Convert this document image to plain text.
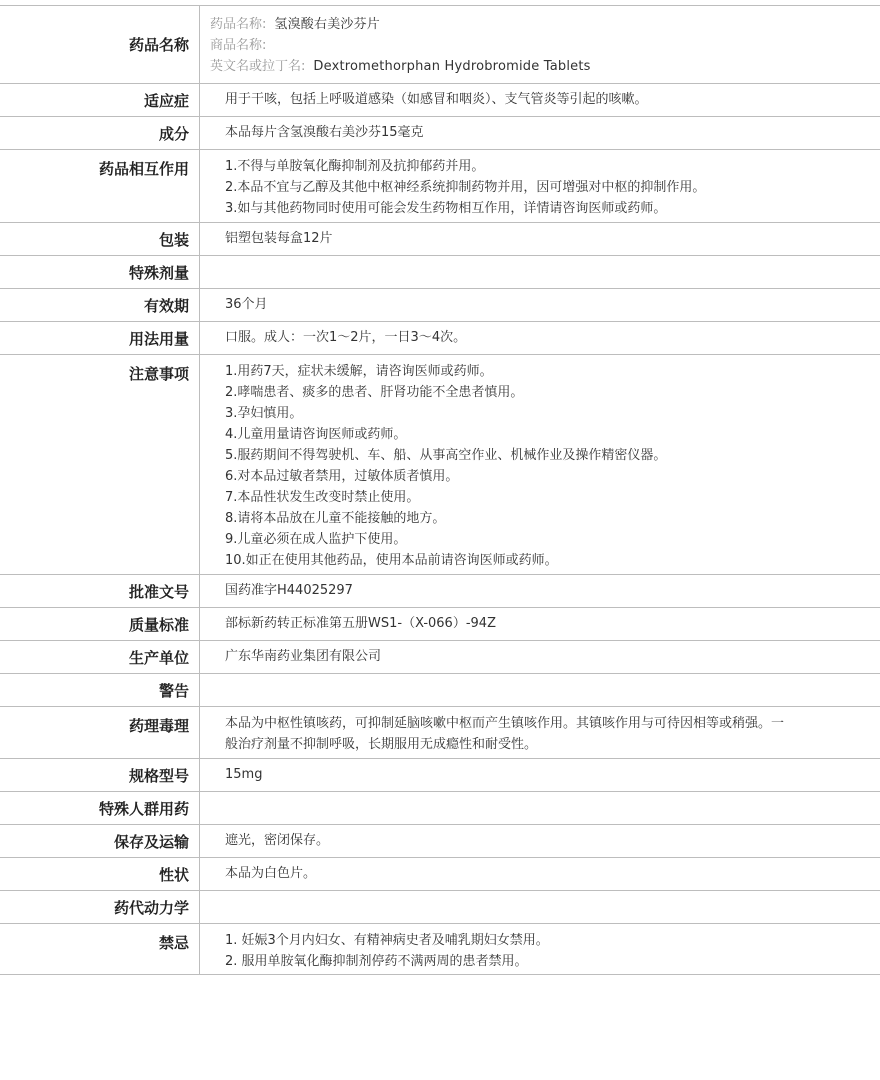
药品名称
药品名称: 氢溴酸右美沙芬片
商品名称:
英文名或拉丁名: Dextromethorphan Hydrobromide Tablets
适应症	用于干咳，包括上呼吸道感染（如感冒和咽炎）、支气管炎等引起的咳嗽。
成分	本品每片含氢溴酸右美沙芬15毫克
药品相互作用	1.不得与单胺氧化酶抑制剂及抗抑郁药并用。
2.本品不宜与乙醇及其他中枢神经系统抑制药物并用，因可增强对中枢的抑制作用。
3.如与其他药物同时使用可能会发生药物相互作用，详情请咨询医师或药师。
包装	铝塑包装每盒12片
特殊剂量
有效期	36个月
用法用量	口服。成人：一次1～2片，一日3～4次。
注意事项	1.用药7天，症状未缓解，请咨询医师或药师。
2.哮喘患者、痰多的患者、肝肾功能不全患者慎用。
3.孕妇慎用。
4.儿童用量请咨询医师或药师。
5.服药期间不得驾驶机、车、船、从事高空作业、机械作业及操作精密仪器。
6.对本品过敏者禁用，过敏体质者慎用。
7.本品性状发生改变时禁止使用。
8.请将本品放在儿童不能接触的地方。
9.儿童必须在成人监护下使用。
10.如正在使用其他药品，使用本品前请咨询医师或药师。
批准文号	国药准字H44025297
质量标准	部标新药转正标准第五册WS1-（X-066）-94Z
生产单位	广东华南药业集团有限公司
警告
药理毒理	本品为中枢性镇咳药，可抑制延脑咳嗽中枢而产生镇咳作用。其镇咳作用与可待因相等或稍强。一般治疗剂量不抑制呼吸，长期服用无成瘾性和耐受性。
规格型号	15mg
特殊人群用药
保存及运输	遮光，密闭保存。
性状	本品为白色片。
药代动力学
禁忌	1. 妊娠3个月内妇女、有精神病史者及哺乳期妇女禁用。
2. 服用单胺氧化酶抑制剂停药不满两周的患者禁用。
